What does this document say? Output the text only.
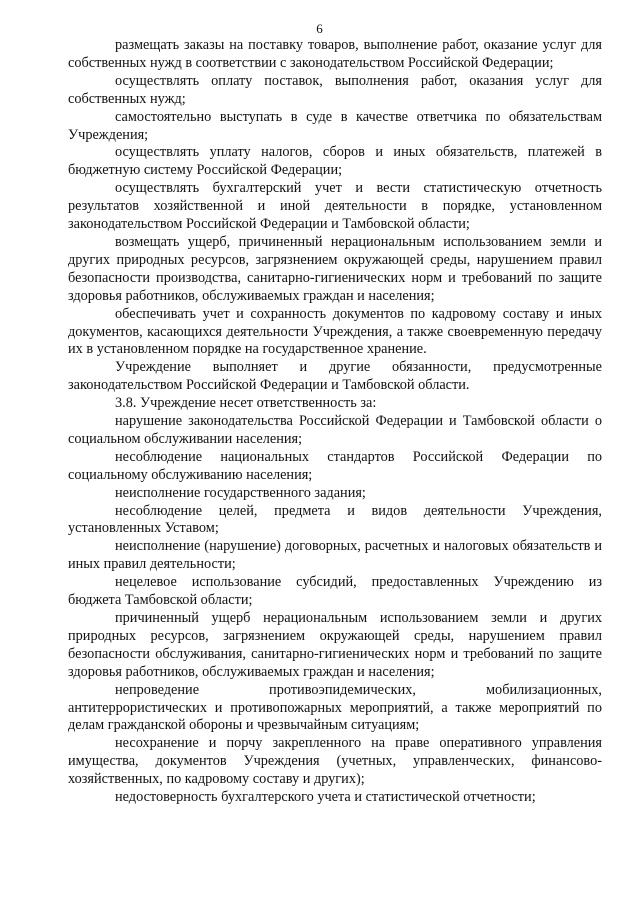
6

размещать заказы на поставку товаров, выполнение работ, оказание услуг для собственных нужд в соответствии с законодательством Российской Федерации;

осуществлять оплату поставок, выполнения работ, оказания услуг для собственных нужд;

самостоятельно выступать в суде в качестве ответчика по обязательствам Учреждения;

осуществлять уплату налогов, сборов и иных обязательств, платежей в бюджетную систему Российской Федерации;

осуществлять бухгалтерский учет и вести статистическую отчетность результатов хозяйственной и иной деятельности в порядке, установленном законодательством Российской Федерации и Тамбовской области;

возмещать ущерб, причиненный нерациональным использованием земли и других природных ресурсов, загрязнением окружающей среды, нарушением правил безопасности производства, санитарно-гигиенических норм и требований по защите здоровья работников, обслуживаемых граждан и населения;

обеспечивать учет и сохранность документов по кадровому составу и иных документов, касающихся деятельности Учреждения, а также своевременную передачу их в установленном порядке на государственное хранение.

Учреждение выполняет и другие обязанности, предусмотренные законодательством Российской Федерации и Тамбовской области.

3.8. Учреждение несет ответственность за:

нарушение законодательства Российской Федерации и Тамбовской области о социальном обслуживании населения;

несоблюдение национальных стандартов Российской Федерации по социальному обслуживанию населения;

неисполнение государственного задания;

несоблюдение целей, предмета и видов деятельности Учреждения, установленных Уставом;

неисполнение (нарушение) договорных, расчетных и налоговых обязательств и иных правил деятельности;

нецелевое использование субсидий, предоставленных Учреждению из бюджета Тамбовской области;

причиненный ущерб нерациональным использованием земли и других природных ресурсов, загрязнением окружающей среды, нарушением правил безопасности обслуживания, санитарно-гигиенических норм и требований по защите здоровья работников, обслуживаемых граждан и населения;

непроведение противоэпидемических, мобилизационных, антитеррористических и противопожарных мероприятий, а также мероприятий по делам гражданской обороны и чрезвычайным ситуациям;

несохранение и порчу закрепленного на праве оперативного управления имущества, документов Учреждения (учетных, управленческих, финансово-хозяйственных, по кадровому составу и других);

недостоверность бухгалтерского учета и статистической отчетности;
